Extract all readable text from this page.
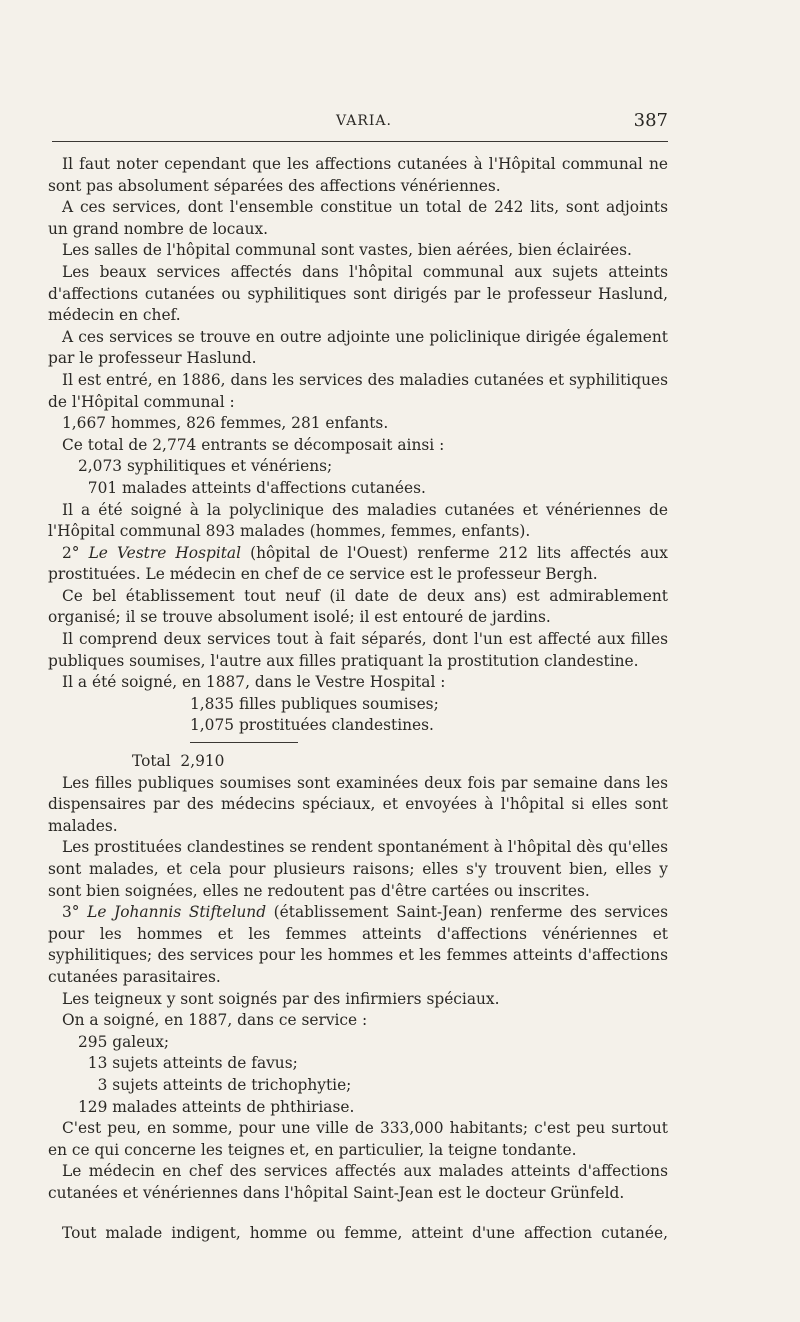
VARIA.	387

Il faut noter cependant que les affections cutanées à l'Hôpital communal ne sont pas absolument séparées des affections vénériennes.

A ces services, dont l'ensemble constitue un total de 242 lits, sont adjoints un grand nombre de locaux.

Les salles de l'hôpital communal sont vastes, bien aérées, bien éclairées.

Les beaux services affectés dans l'hôpital communal aux sujets atteints d'affections cutanées ou syphilitiques sont dirigés par le professeur Haslund, médecin en chef.

A ces services se trouve en outre adjointe une policlinique dirigée également par le professeur Haslund.

Il est entré, en 1886, dans les services des maladies cutanées et syphilitiques de l'Hôpital communal :

1,667 hommes, 826 femmes, 281 enfants.

Ce total de 2,774 entrants se décomposait ainsi :

2,073 syphilitiques et vénériens;

701 malades atteints d'affections cutanées.

Il a été soigné à la polyclinique des maladies cutanées et vénériennes de l'Hôpital communal 893 malades (hommes, femmes, enfants).

2° Le Vestre Hospital (hôpital de l'Ouest) renferme 212 lits affectés aux prostituées. Le médecin en chef de ce service est le professeur Bergh.

Ce bel établissement tout neuf (il date de deux ans) est admirablement organisé; il se trouve absolument isolé; il est entouré de jardins.

Il comprend deux services tout à fait séparés, dont l'un est affecté aux filles publiques soumises, l'autre aux filles pratiquant la prostitution clandestine.

Il a été soigné, en 1887, dans le Vestre Hospital :

1,835 filles publiques soumises;

1,075 prostituées clandestines.

Total  2,910

Les filles publiques soumises sont examinées deux fois par semaine dans les dispensaires par des médecins spéciaux, et envoyées à l'hôpital si elles sont malades.

Les prostituées clandestines se rendent spontanément à l'hôpital dès qu'elles sont malades, et cela pour plusieurs raisons; elles s'y trouvent bien, elles y sont bien soignées, elles ne redoutent pas d'être cartées ou inscrites.

3° Le Johannis Stiftelund (établissement Saint-Jean) renferme des services pour les hommes et les femmes atteints d'affections vénériennes et syphilitiques; des services pour les hommes et les femmes atteints d'affections cutanées parasitaires.

Les teigneux y sont soignés par des infirmiers spéciaux.

On a soigné, en 1887, dans ce service :

295 galeux;

13 sujets atteints de favus;

3 sujets atteints de trichophytie;

129 malades atteints de phthiriase.

C'est peu, en somme, pour une ville de 333,000 habitants; c'est peu surtout en ce qui concerne les teignes et, en particulier, la teigne tondante.

Le médecin en chef des services affectés aux malades atteints d'affections cutanées et vénériennes dans l'hôpital Saint-Jean est le docteur Grünfeld.

Tout malade indigent, homme ou femme, atteint d'une affection cutanée,
